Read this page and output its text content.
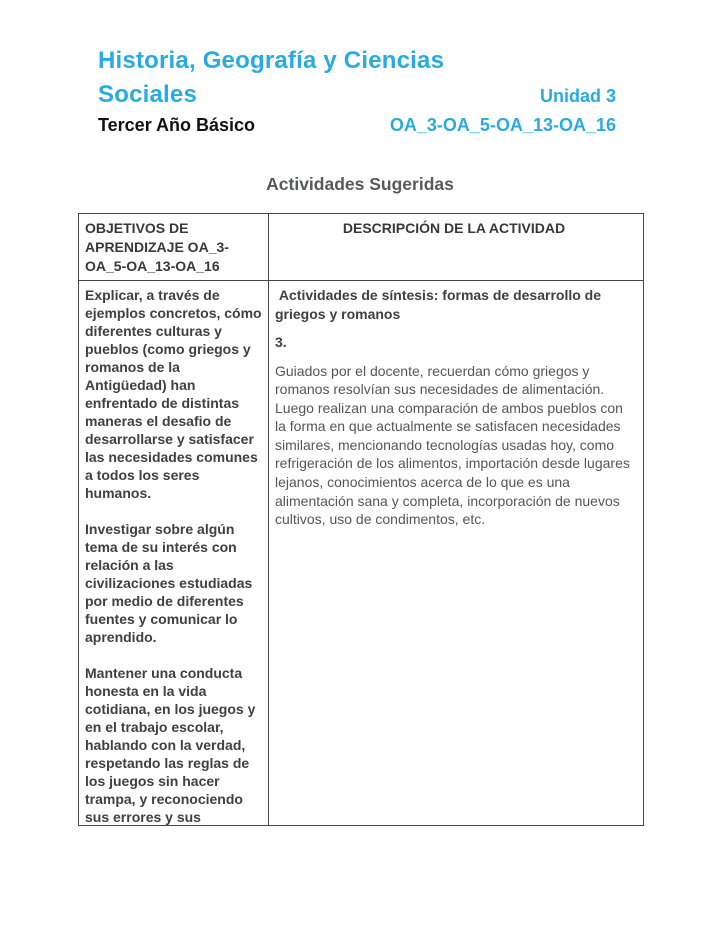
Historia, Geografía y Ciencias
Sociales	Unidad 3
Tercer Año Básico	OA_3-OA_5-OA_13-OA_16
Actividades Sugeridas
OBJETIVOS DE APRENDIZAJE OA_3-OA_5-OA_13-OA_16
DESCRIPCIÓN DE LA ACTIVIDAD

Explicar, a través de ejemplos concretos, cómo diferentes culturas y pueblos (como griegos y romanos de la Antigüedad) han enfrentado de distintas maneras el desafio de desarrollarse y satisfacer las necesidades comunes a todos los seres humanos.

Investigar sobre algún tema de su interés con relación a las civilizaciones estudiadas por medio de diferentes fuentes y comunicar lo aprendido.

Mantener una conducta honesta en la vida cotidiana, en los juegos y en el trabajo escolar, hablando con la verdad, respetando las reglas de los juegos sin hacer trampa, y reconociendo sus errores y sus

Actividades de síntesis: formas de desarrollo de griegos y romanos

3.

Guiados por el docente, recuerdan cómo griegos y romanos resolvían sus necesidades de alimentación. Luego realizan una comparación de ambos pueblos con la forma en que actualmente se satisfacen necesidades similares, mencionando tecnologías usadas hoy, como refrigeración de los alimentos, importación desde lugares lejanos, conocimientos acerca de lo que es una alimentación sana y completa, incorporación de nuevos cultivos, uso de condimentos, etc.
